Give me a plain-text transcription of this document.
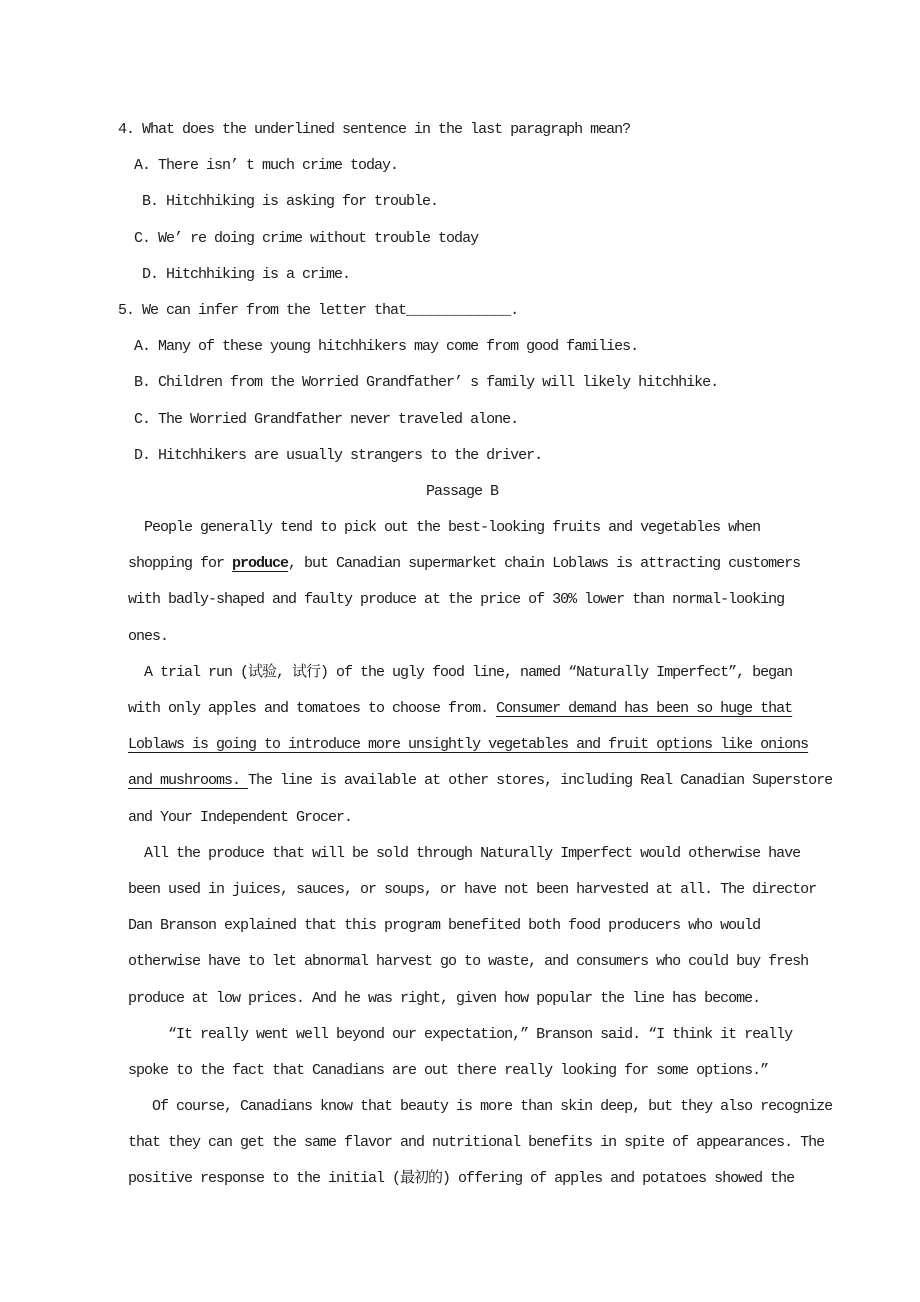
4. What does the underlined sentence in the last paragraph mean?
A. There isn’ t much crime today.
B. Hitchhiking is asking for trouble.
C. We’ re doing crime without trouble today
D. Hitchhiking is a crime.
5. We can infer from the letter that_____________.
A. Many of these young hitchhikers may come from good families.
B. Children from the Worried Grandfather’ s family will likely hitchhike.
C. The Worried Grandfather never traveled alone.
D. Hitchhikers are usually strangers to the driver.
Passage B
People generally tend to pick out the best-looking fruits and vegetables when
shopping for produce, but Canadian supermarket chain Loblaws is attracting customers
with badly-shaped and faulty produce at the price of 30% lower than normal-looking
ones.
A trial run (试验, 试行) of the ugly food line, named “Naturally Imperfect”, began
with only apples and tomatoes to choose from. Consumer demand has been so huge that
Loblaws is going to introduce more unsightly vegetables and fruit options like onions
and mushrooms. The line is available at other stores, including Real Canadian Superstore
and Your Independent Grocer.
All the produce that will be sold through Naturally Imperfect would otherwise have
been used in juices, sauces, or soups, or have not been harvested at all. The director
Dan Branson explained that this program benefited both food producers who would
otherwise have to let abnormal harvest go to waste, and consumers who could buy fresh
produce at low prices. And he was right, given how popular the line has become.
“It really went well beyond our expectation,” Branson said. “I think it really
spoke to the fact that Canadians are out there really looking for some options.”
Of course, Canadians know that beauty is more than skin deep, but they also recognize
that they can get the same flavor and nutritional benefits in spite of appearances. The
positive response to the initial (最初的) offering of apples and potatoes showed the
